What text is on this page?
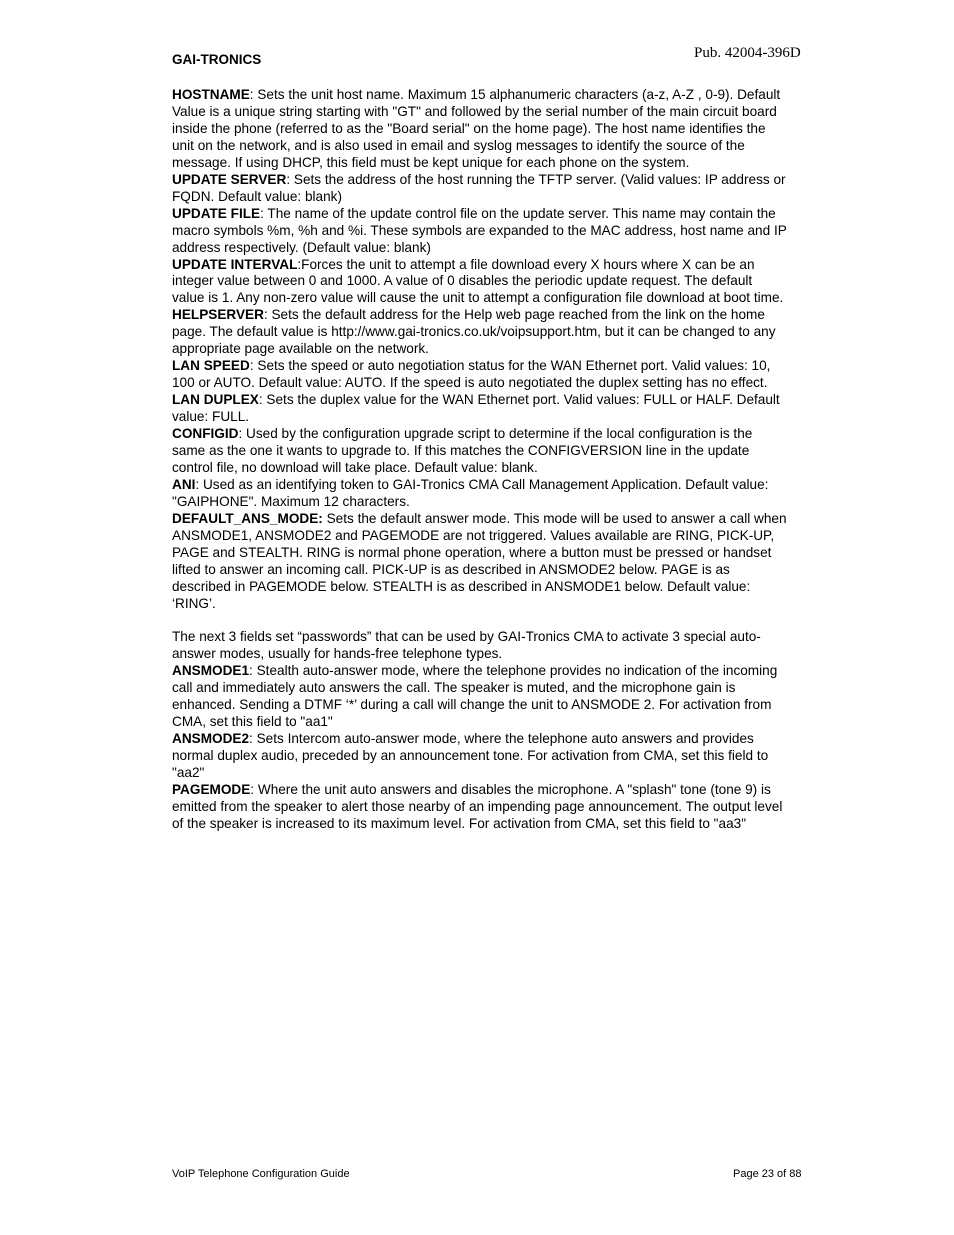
GAI-TRONICS	Pub. 42004-396D

HOSTNAME: Sets the unit host name. Maximum 15 alphanumeric characters (a-z, A-Z , 0-9). Default Value is a unique string starting with "GT" and followed by the serial number of the main circuit board inside the phone (referred to as the "Board serial" on the home page). The host name identifies the unit on the network, and is also used in email and syslog messages to identify the source of the message. If using DHCP, this field must be kept unique for each phone on the system.

UPDATE SERVER: Sets the address of the host running the TFTP server. (Valid values: IP address or FQDN. Default value: blank)

UPDATE FILE: The name of the update control file on the update server. This name may contain the macro symbols %m, %h and %i. These symbols are expanded to the MAC address, host name and IP address respectively. (Default value: blank)

UPDATE INTERVAL:Forces the unit to attempt a file download every X hours where X can be an integer value between 0 and 1000. A value of 0 disables the periodic update request. The default value is 1. Any non-zero value will cause the unit to attempt a configuration file download at boot time.

HELPSERVER: Sets the default address for the Help web page reached from the link on the home page. The default value is http://www.gai-tronics.co.uk/voipsupport.htm, but it can be changed to any appropriate page available on the network.

LAN SPEED: Sets the speed or auto negotiation status for the WAN Ethernet port. Valid values: 10, 100 or AUTO. Default value: AUTO. If the speed is auto negotiated the duplex setting has no effect.

LAN DUPLEX: Sets the duplex value for the WAN Ethernet port. Valid values: FULL or HALF. Default value: FULL.

CONFIGID: Used by the configuration upgrade script to determine if the local configuration is the same as the one it wants to upgrade to. If this matches the CONFIGVERSION line in the update control file, no download will take place. Default value: blank.

ANI: Used as an identifying token to GAI-Tronics CMA Call Management Application. Default value: "GAIPHONE". Maximum 12 characters.

DEFAULT_ANS_MODE: Sets the default answer mode. This mode will be used to answer a call when ANSMODE1, ANSMODE2 and PAGEMODE are not triggered. Values available are RING, PICK-UP, PAGE and STEALTH. RING is normal phone operation, where a button must be pressed or handset lifted to answer an incoming call. PICK-UP is as described in ANSMODE2 below. PAGE is as described in PAGEMODE below. STEALTH is as described in ANSMODE1 below. Default value: ‘RING’.

The next 3 fields set “passwords” that can be used by GAI-Tronics CMA to activate 3 special auto-answer modes, usually for hands-free telephone types.

ANSMODE1: Stealth auto-answer mode, where the telephone provides no indication of the incoming call and immediately auto answers the call. The speaker is muted, and the microphone gain is enhanced. Sending a DTMF ‘*’ during a call will change the unit to ANSMODE 2. For activation from CMA, set this field to "aa1"

ANSMODE2: Sets Intercom auto-answer mode, where the telephone auto answers and provides normal duplex audio, preceded by an announcement tone. For activation from CMA, set this field to "aa2"

PAGEMODE: Where the unit auto answers and disables the microphone. A "splash" tone (tone 9) is emitted from the speaker to alert those nearby of an impending page announcement. The output level of the speaker is increased to its maximum level. For activation from CMA, set this field to "aa3"

VoIP Telephone Configuration Guide	Page 23 of 88
